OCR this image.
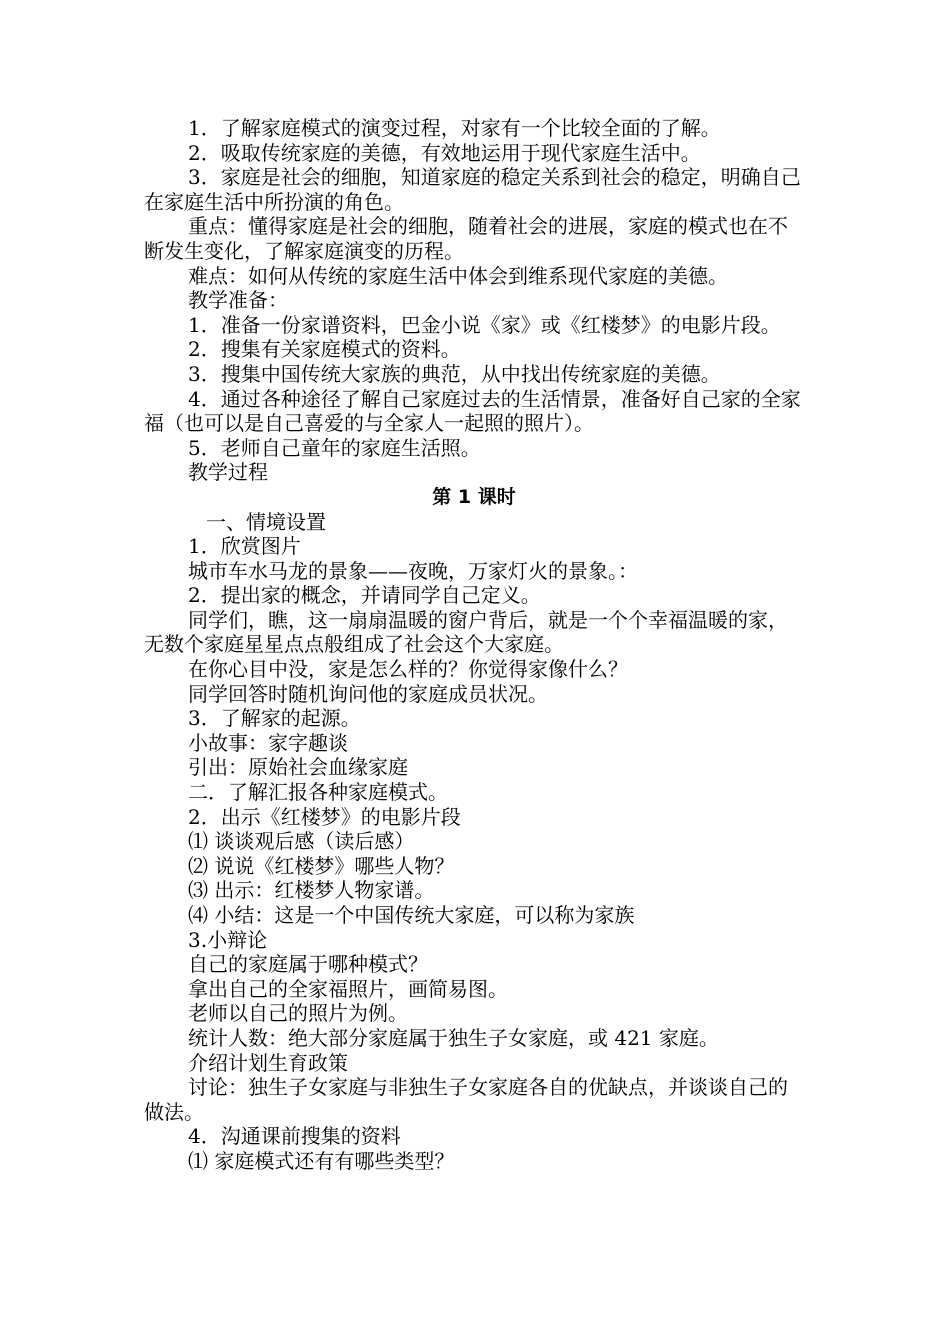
1．了解家庭模式的演变过程，对家有一个比较全面的了解。

2．吸取传统家庭的美德，有效地运用于现代家庭生活中。

3．家庭是社会的细胞，知道家庭的稳定关系到社会的稳定，明确自己在家庭生活中所扮演的角色。

重点：懂得家庭是社会的细胞，随着社会的进展，家庭的模式也在不断发生变化，了解家庭演变的历程。

难点：如何从传统的家庭生活中体会到维系现代家庭的美德。

教学准备：

1．准备一份家谱资料，巴金小说《家》或《红楼梦》的电影片段。

2．搜集有关家庭模式的资料。

3．搜集中国传统大家族的典范，从中找出传统家庭的美德。

4．通过各种途径了解自己家庭过去的生活情景，准备好自己家的全家福（也可以是自己喜爱的与全家人一起照的照片）。

5．老师自己童年的家庭生活照。

教学过程

第 1 课时

一、情境设置

1．欣赏图片

城市车水马龙的景象——夜晚，万家灯火的景象。：

2．提出家的概念，并请同学自己定义。

同学们，瞧，这一扇扇温暖的窗户背后，就是一个个幸福温暖的家，无数个家庭星星点点般组成了社会这个大家庭。

在你心目中没，家是怎么样的？你觉得家像什么？

同学回答时随机询问他的家庭成员状况。

3．了解家的起源。

小故事：家字趣谈

引出：原始社会血缘家庭

二．了解汇报各种家庭模式。

2．出示《红楼梦》的电影片段

⑴ 谈谈观后感（读后感）

⑵ 说说《红楼梦》哪些人物？

⑶ 出示：红楼梦人物家谱。

⑷ 小结：这是一个中国传统大家庭，可以称为家族

3.小辩论

自己的家庭属于哪种模式？

拿出自己的全家福照片，画简易图。

老师以自己的照片为例。

统计人数：绝大部分家庭属于独生子女家庭，或 421 家庭。

介绍计划生育政策

讨论：独生子女家庭与非独生子女家庭各自的优缺点，并谈谈自己的做法。

4．沟通课前搜集的资料

⑴ 家庭模式还有有哪些类型？
